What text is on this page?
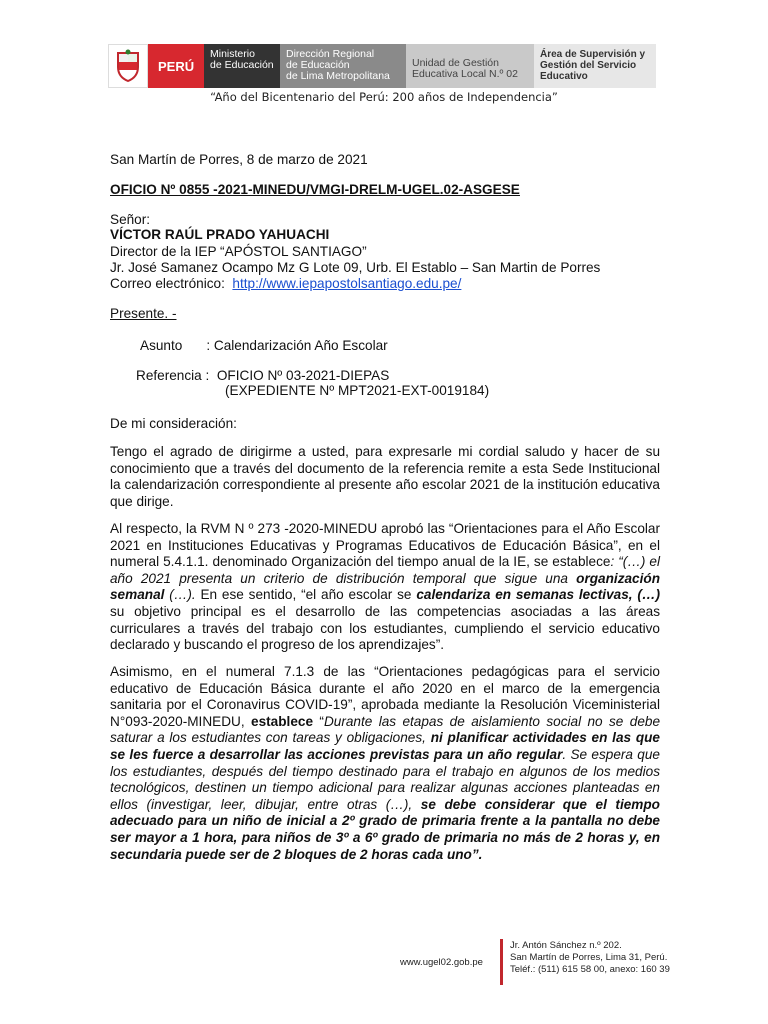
PERÚ
Ministerio
de Educación
Dirección Regional
de Educación
de Lima Metropolitana
Unidad de Gestión
Educativa Local N.º 02
Área de Supervisión y
Gestión del Servicio
Educativo
“Año del Bicentenario del Perú: 200 años de Independencia”

San Martín de Porres, 8 de marzo de 2021

OFICIO Nº 0855 -2021-MINEDU/VMGI-DRELM-UGEL.02-ASGESE

Señor:

VÍCTOR RAÚL PRADO YAHUACHI

Director de la IEP “APÓSTOL SANTIAGO”

Jr. José Samanez Ocampo Mz G Lote 09, Urb. El Establo – San Martin de Porres

Correo electrónico: http://www.iepapostolsantiago.edu.pe/

Presente. -

Asunto : Calendarización Año Escolar

Referencia : OFICIO Nº 03-2021-DIEPAS

(EXPEDIENTE Nº MPT2021-EXT-0019184)

De mi consideración:

Tengo el agrado de dirigirme a usted, para expresarle mi cordial saludo y hacer de su conocimiento que a través del documento de la referencia remite a esta Sede Institucional la calendarización correspondiente al presente año escolar 2021 de la institución educativa que dirige.

Al respecto, la RVM N º 273 -2020-MINEDU aprobó las “Orientaciones para el Año Escolar 2021 en Instituciones Educativas y Programas Educativos de Educación Básica”, en el numeral 5.4.1.1. denominado Organización del tiempo anual de la IE, se establece: “(…) el año 2021 presenta un criterio de distribución temporal que sigue una organización semanal (…). En ese sentido, “el año escolar se calendariza en semanas lectivas, (…) su objetivo principal es el desarrollo de las competencias asociadas a las áreas curriculares a través del trabajo con los estudiantes, cumpliendo el servicio educativo declarado y buscando el progreso de los aprendizajes”.

Asimismo, en el numeral 7.1.3 de las “Orientaciones pedagógicas para el servicio educativo de Educación Básica durante el año 2020 en el marco de la emergencia sanitaria por el Coronavirus COVID-19”, aprobada mediante la Resolución Viceministerial N°093-2020-MINEDU, establece “Durante las etapas de aislamiento social no se debe saturar a los estudiantes con tareas y obligaciones, ni planificar actividades en las que se les fuerce a desarrollar las acciones previstas para un año regular. Se espera que los estudiantes, después del tiempo destinado para el trabajo en algunos de los medios tecnológicos, destinen un tiempo adicional para realizar algunas acciones planteadas en ellos (investigar, leer, dibujar, entre otras (…), se debe considerar que el tiempo adecuado para un niño de inicial a 2º grado de primaria frente a la pantalla no debe ser mayor a 1 hora, para niños de 3º a 6º grado de primaria no más de 2 horas y, en secundaria puede ser de 2 bloques de 2 horas cada uno”.

www.ugel02.gob.pe
Jr. Antón Sánchez n.º 202.
San Martín de Porres, Lima 31, Perú.
Teléf.: (511) 615 58 00, anexo: 160 39
